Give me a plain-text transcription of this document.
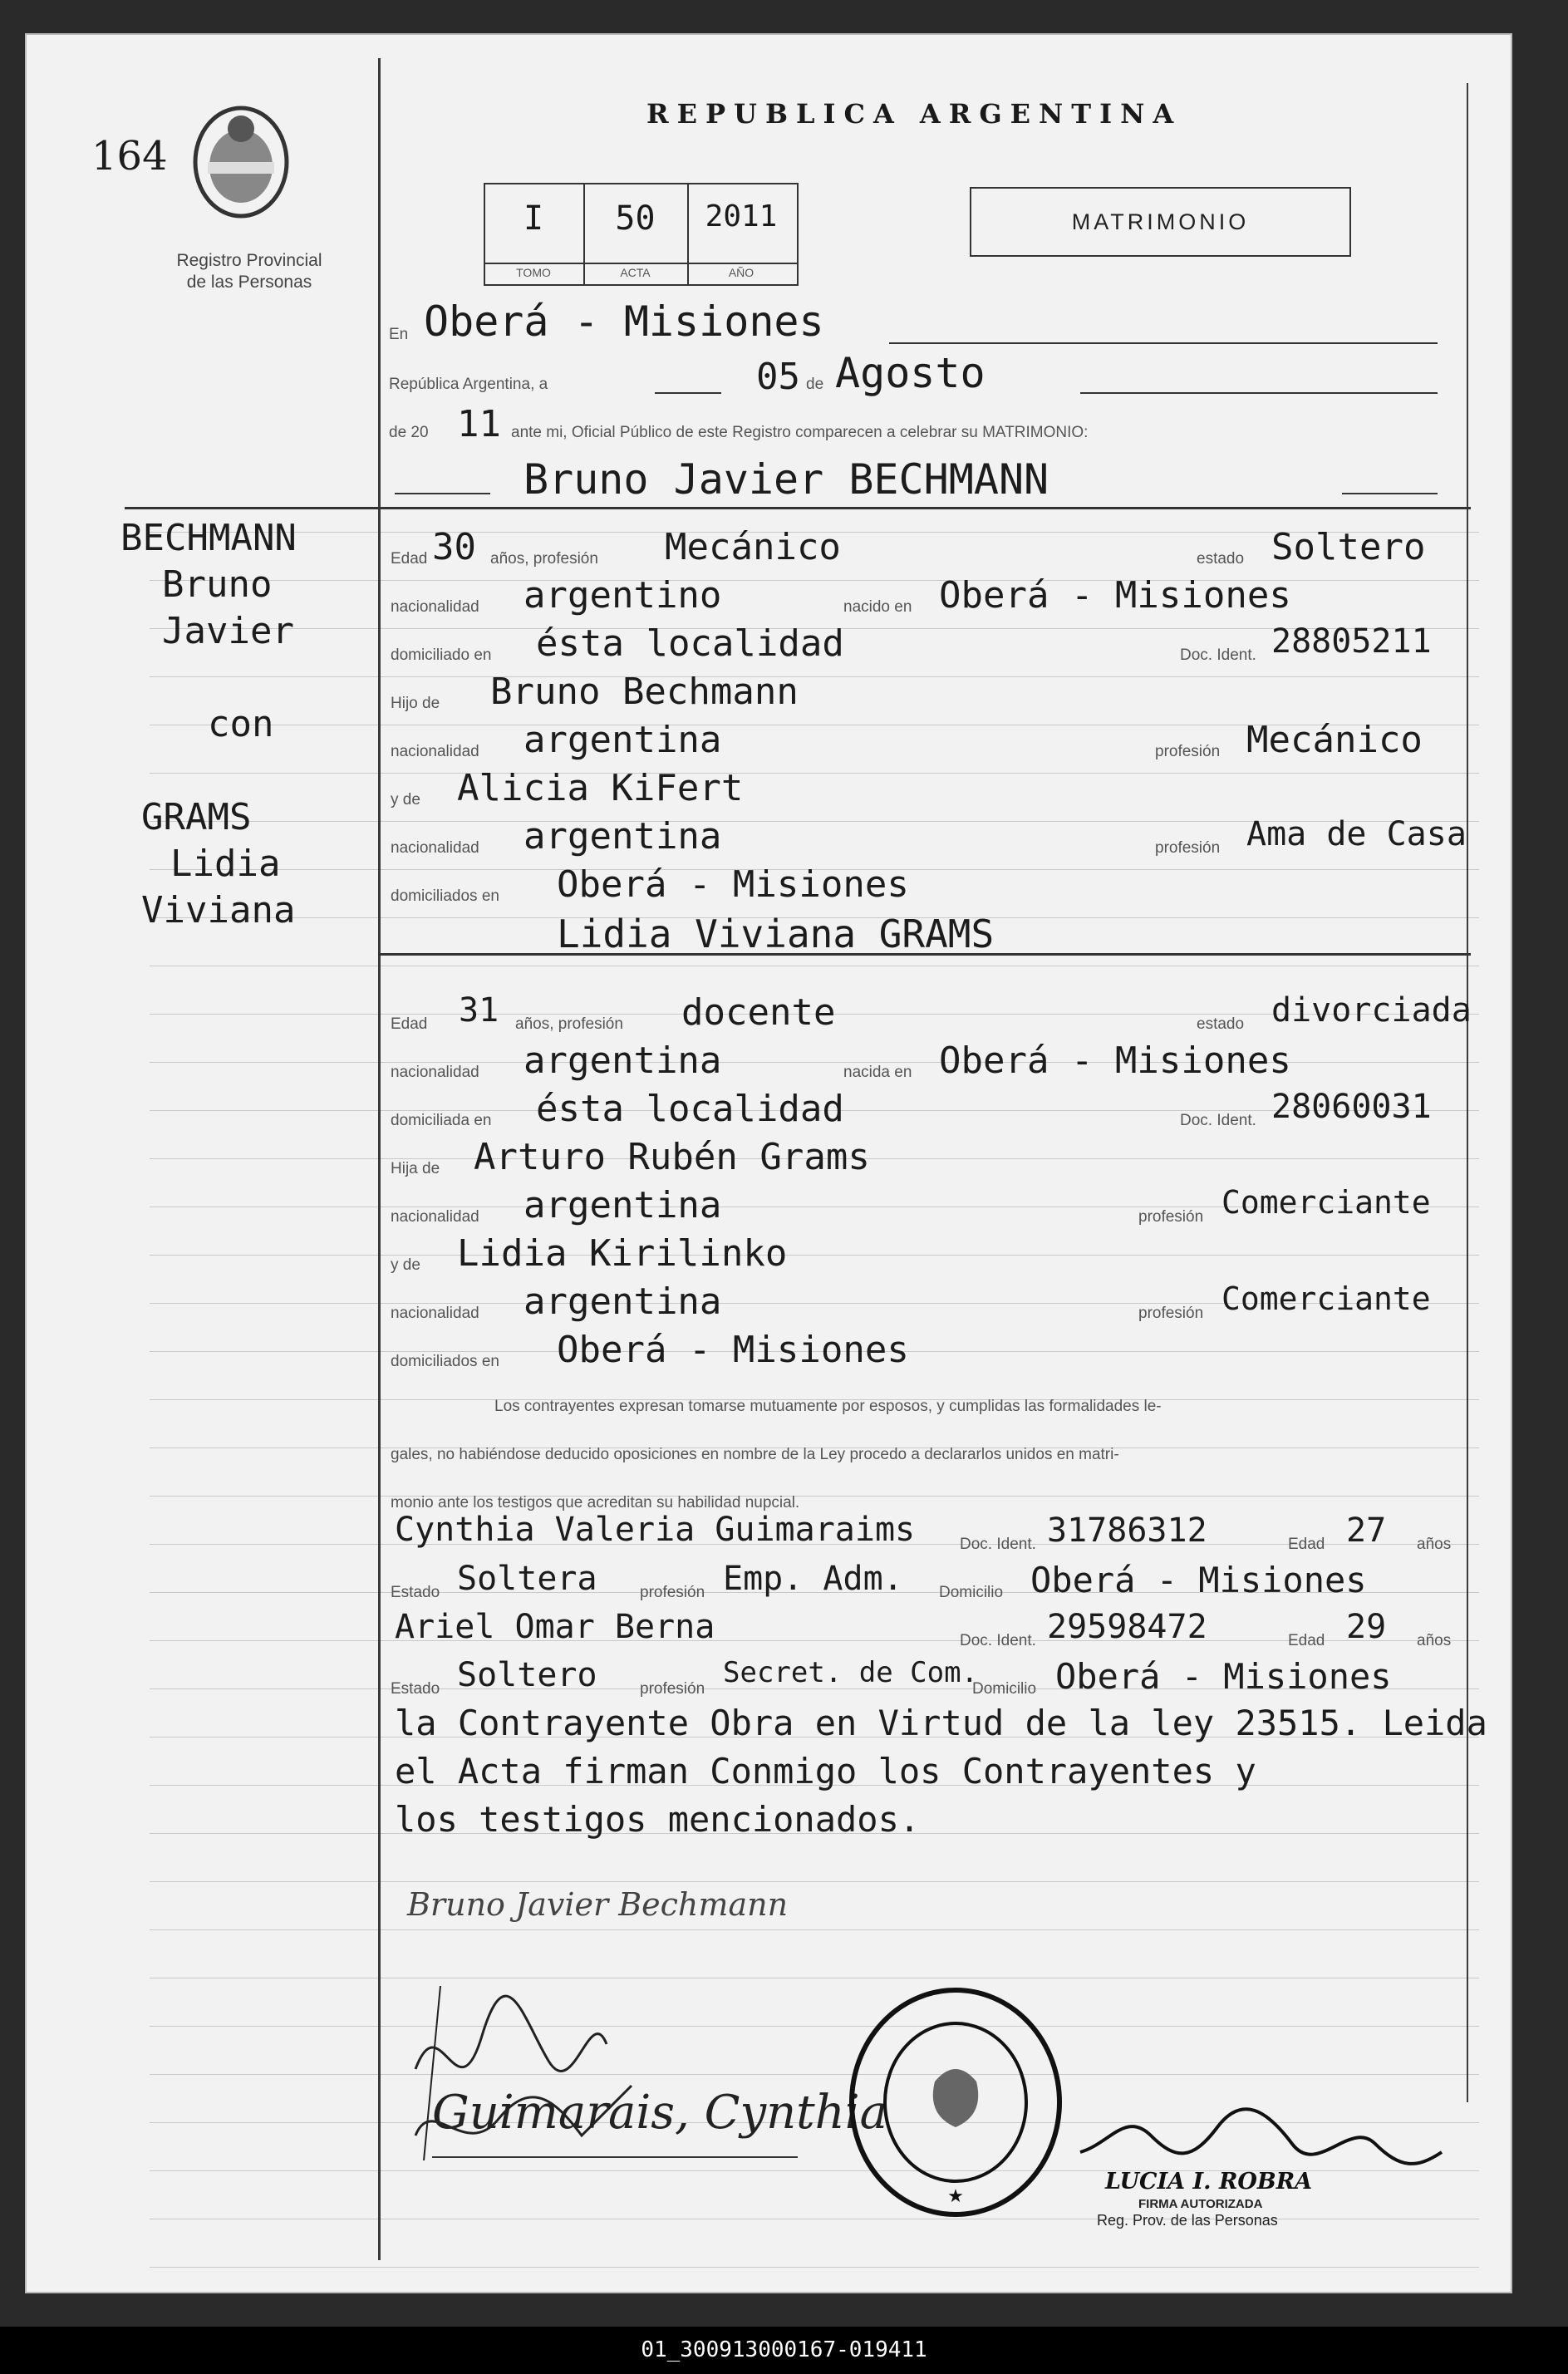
164
Registro Provincial
de las Personas
REPUBLICA ARGENTINA
I	50	2011
TOMO	ACTA	AÑO
MATRIMONIO
En Oberá - Misiones
República Argentina, a	05 de Agosto
de 20 11 ante mi, Oficial Público de este Registro comparecen a celebrar su MATRIMONIO:
Bruno Javier BECHMANN
BECHMANN
Bruno
Javier
con
GRAMS
Lidia
Viviana
Edad 30 años, profesión Mecánico	estado Soltero
nacionalidad argentino	nacido en Oberá - Misiones
domiciliado en ésta localidad	Doc. Ident. 28805211
Hijo de Bruno Bechmann
nacionalidad argentina	profesión Mecánico
y de Alicia KiFert
nacionalidad argentina	profesión Ama de Casa
domiciliados en Oberá - Misiones
Lidia Viviana GRAMS
Edad 31 años, profesión docente	estado divorciada
nacionalidad argentina	nacida en Oberá - Misiones
domiciliada en ésta localidad	Doc. Ident. 28060031
Hija de Arturo Rubén Grams
nacionalidad argentina	profesión Comerciante
y de Lidia Kirilinko
nacionalidad argentina	profesión Comerciante
domiciliados en Oberá - Misiones
Los contrayentes expresan tomarse mutuamente por esposos, y cumplidas las formalidades le-
gales, no habiéndose deducido oposiciones en nombre de la Ley procedo a declararlos unidos en matri-
monio ante los testigos que acreditan su habilidad nupcial.
Cynthia Valeria Guimaraims	Doc. Ident. 31786312	Edad 27 años
Estado Soltera	profesión Emp. Adm. Domicilio Oberá - Misiones
Ariel Omar Berna	Doc. Ident. 29598472	Edad 29 años
Estado Soltero	profesión Secret. de Com.
Domicilio Oberá - Misiones
la Contrayente Obra en Virtud de la ley 23515. Leida
el Acta firman Conmigo los Contrayentes y
los testigos mencionados.
Bruno Javier Bechmann
Guimarais, Cynthia
★
LUCIA I. ROBRA
FIRMA AUTORIZADA
Reg. Prov. de las Personas
01_300913000167-019411
